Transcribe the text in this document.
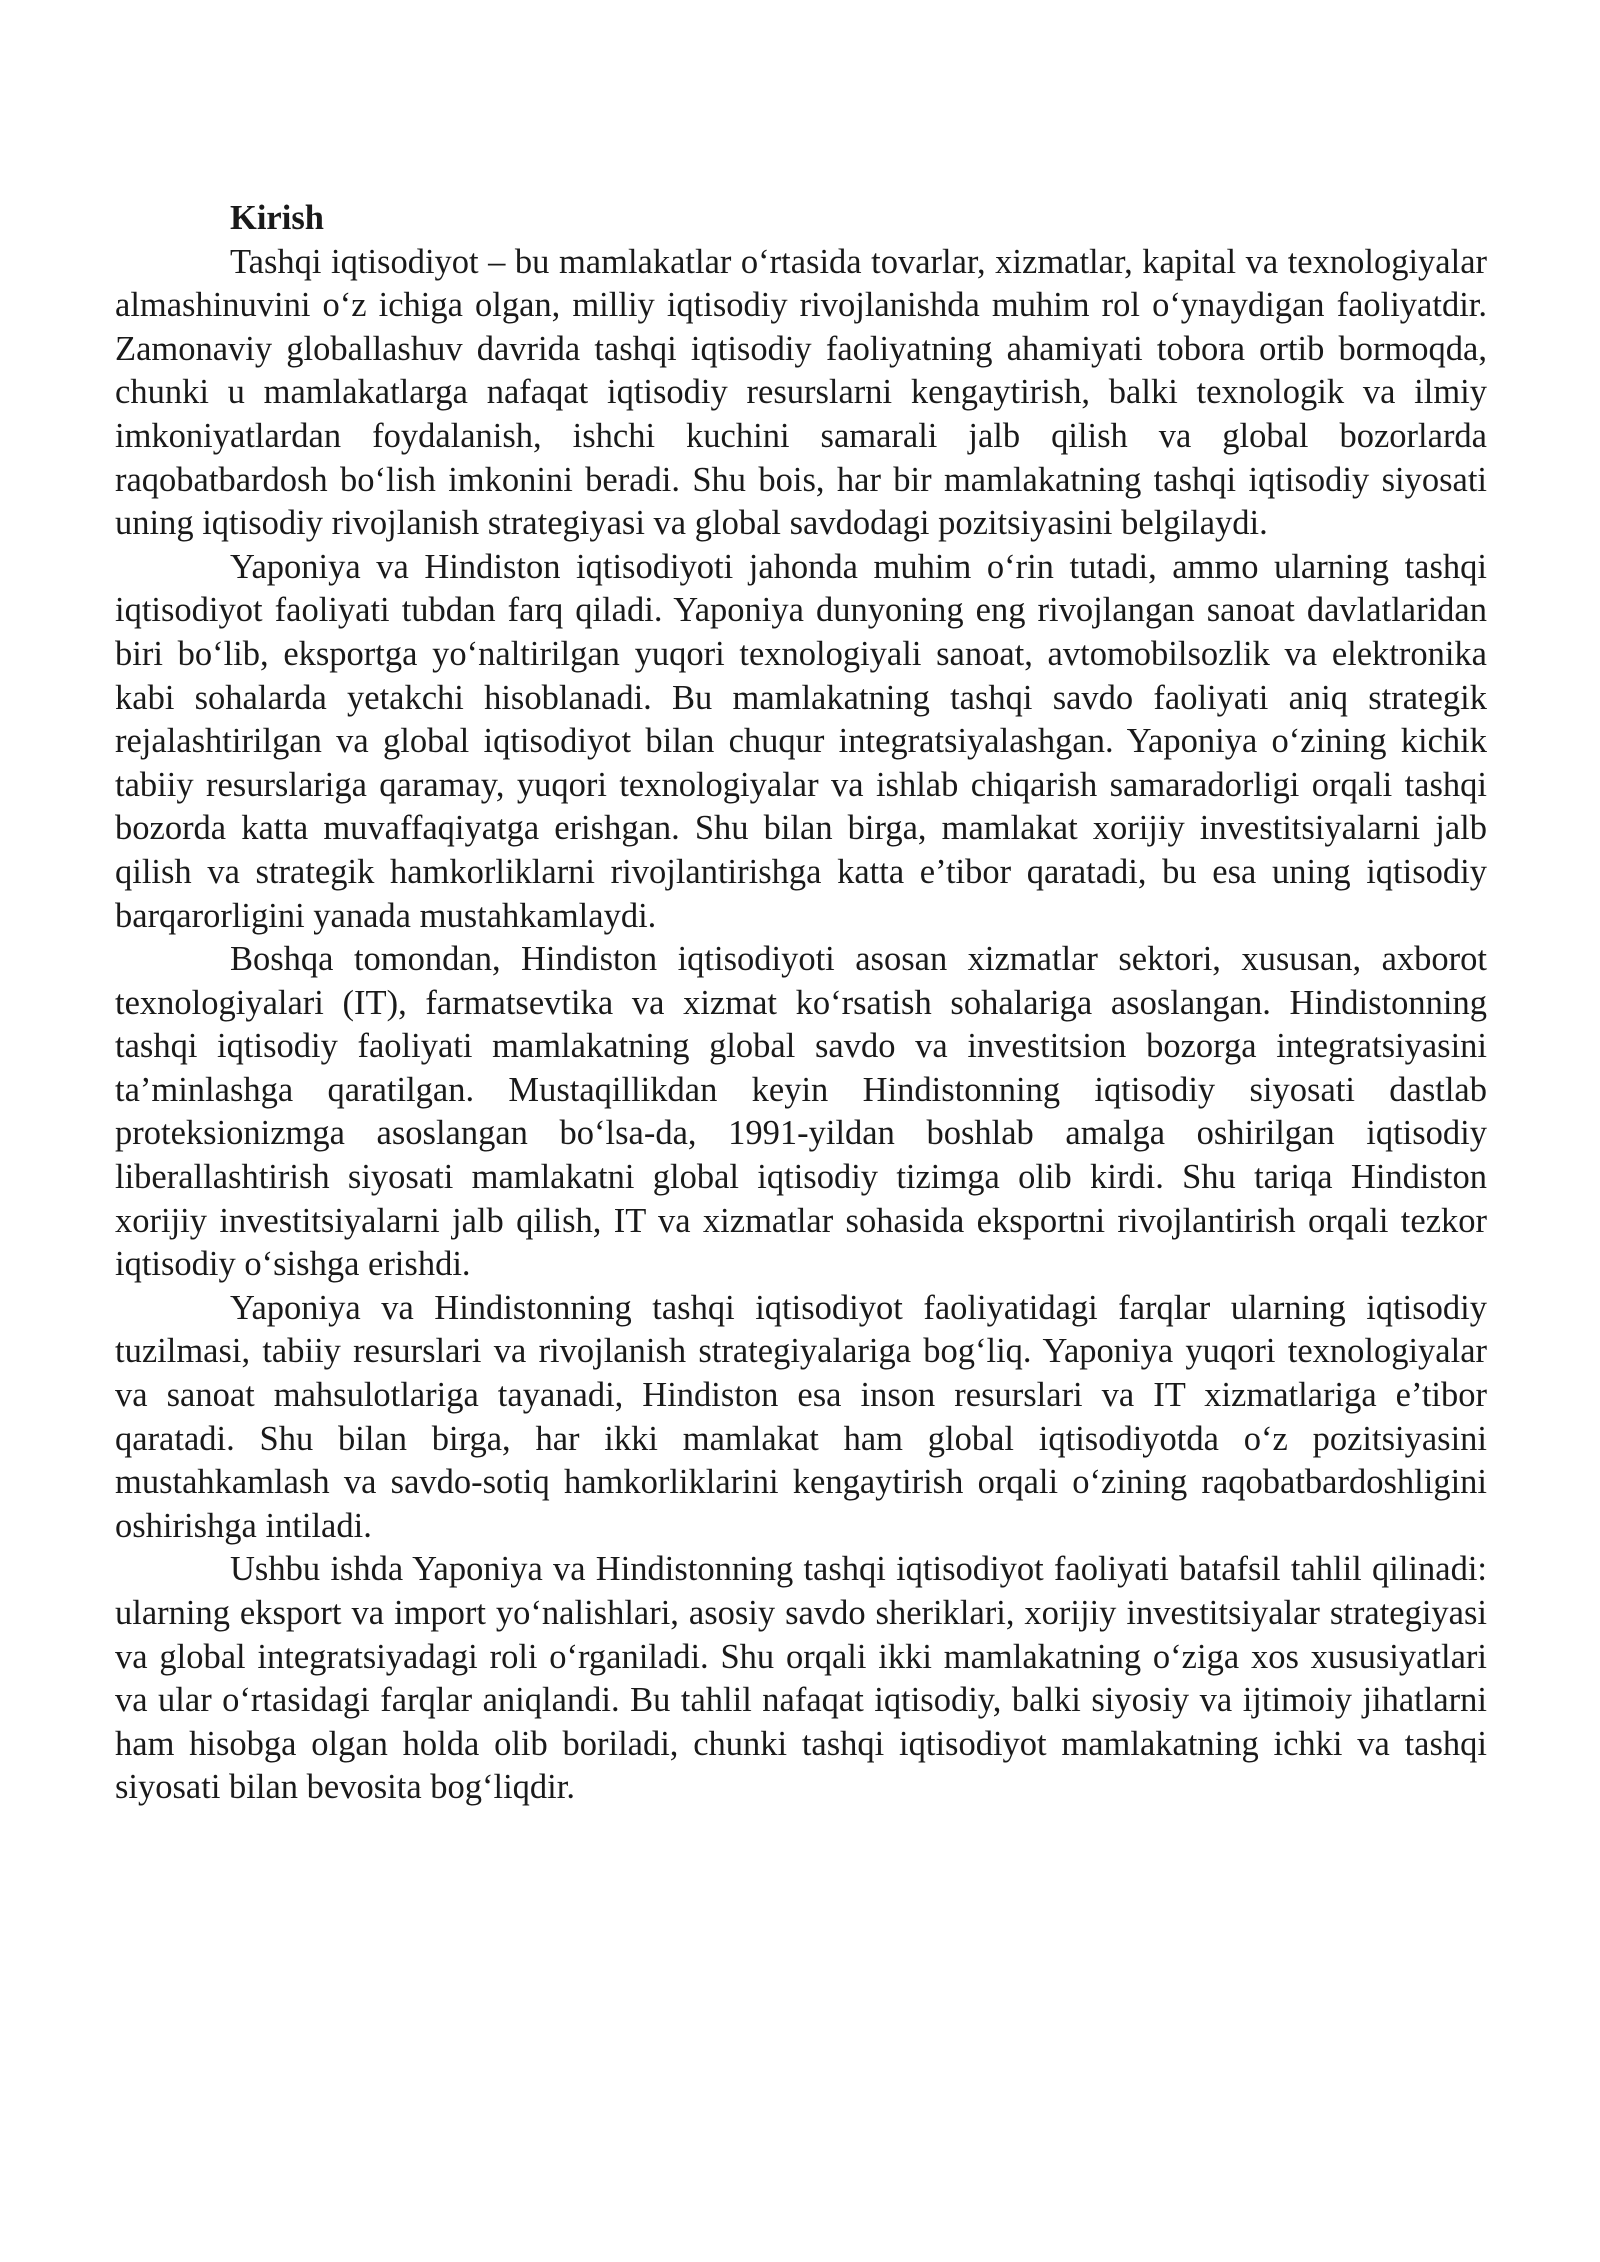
Kirish

Tashqi iqtisodiyot – bu mamlakatlar o‘rtasida tovarlar, xizmatlar, kapital va texnologiyalar almashinuvini o‘z ichiga olgan, milliy iqtisodiy rivojlanishda muhim rol o‘ynaydigan faoliyatdir. Zamonaviy globallashuv davrida tashqi iqtisodiy faoliyatning ahamiyati tobora ortib bormoqda, chunki u mamlakatlarga nafaqat iqtisodiy resurslarni kengaytirish, balki texnologik va ilmiy imkoniyatlardan foydalanish, ishchi kuchini samarali jalb qilish va global bozorlarda raqobatbardosh bo‘lish imkonini beradi. Shu bois, har bir mamlakatning tashqi iqtisodiy siyosati uning iqtisodiy rivojlanish strategiyasi va global savdodagi pozitsiyasini belgilaydi.

Yaponiya va Hindiston iqtisodiyoti jahonda muhim o‘rin tutadi, ammo ularning tashqi iqtisodiyot faoliyati tubdan farq qiladi. Yaponiya dunyoning eng rivojlangan sanoat davlatlaridan biri bo‘lib, eksportga yo‘naltirilgan yuqori texnologiyali sanoat, avtomobilsozlik va elektronika kabi sohalarda yetakchi hisoblanadi. Bu mamlakatning tashqi savdo faoliyati aniq strategik rejalashtirilgan va global iqtisodiyot bilan chuqur integratsiyalashgan. Yaponiya o‘zining kichik tabiiy resurslariga qaramay, yuqori texnologiyalar va ishlab chiqarish samaradorligi orqali tashqi bozorda katta muvaffaqiyatga erishgan. Shu bilan birga, mamlakat xorijiy investitsiyalarni jalb qilish va strategik hamkorliklarni rivojlantirishga katta e’tibor qaratadi, bu esa uning iqtisodiy barqarorligini yanada mustahkamlaydi.

Boshqa tomondan, Hindiston iqtisodiyoti asosan xizmatlar sektori, xususan, axborot texnologiyalari (IT), farmatsevtika va xizmat ko‘rsatish sohalariga asoslangan. Hindistonning tashqi iqtisodiy faoliyati mamlakatning global savdo va investitsion bozorga integratsiyasini ta’minlashga qaratilgan. Mustaqillikdan keyin Hindistonning iqtisodiy siyosati dastlab proteksionizmga asoslangan bo‘lsa-da, 1991-yildan boshlab amalga oshirilgan iqtisodiy liberallashtirish siyosati mamlakatni global iqtisodiy tizimga olib kirdi. Shu tariqa Hindiston xorijiy investitsiyalarni jalb qilish, IT va xizmatlar sohasida eksportni rivojlantirish orqali tezkor iqtisodiy o‘sishga erishdi.

Yaponiya va Hindistonning tashqi iqtisodiyot faoliyatidagi farqlar ularning iqtisodiy tuzilmasi, tabiiy resurslari va rivojlanish strategiyalariga bog‘liq. Yaponiya yuqori texnologiyalar va sanoat mahsulotlariga tayanadi, Hindiston esa inson resurslari va IT xizmatlariga e’tibor qaratadi. Shu bilan birga, har ikki mamlakat ham global iqtisodiyotda o‘z pozitsiyasini mustahkamlash va savdo-sotiq hamkorliklarini kengaytirish orqali o‘zining raqobatbardoshligini oshirishga intiladi.

Ushbu ishda Yaponiya va Hindistonning tashqi iqtisodiyot faoliyati batafsil tahlil qilinadi: ularning eksport va import yo‘nalishlari, asosiy savdo sheriklari, xorijiy investitsiyalar strategiyasi va global integratsiyadagi roli o‘rganiladi. Shu orqali ikki mamlakatning o‘ziga xos xususiyatlari va ular o‘rtasidagi farqlar aniqlandi. Bu tahlil nafaqat iqtisodiy, balki siyosiy va ijtimoiy jihatlarni ham hisobga olgan holda olib boriladi, chunki tashqi iqtisodiyot mamlakatning ichki va tashqi siyosati bilan bevosita bog‘liqdir.
